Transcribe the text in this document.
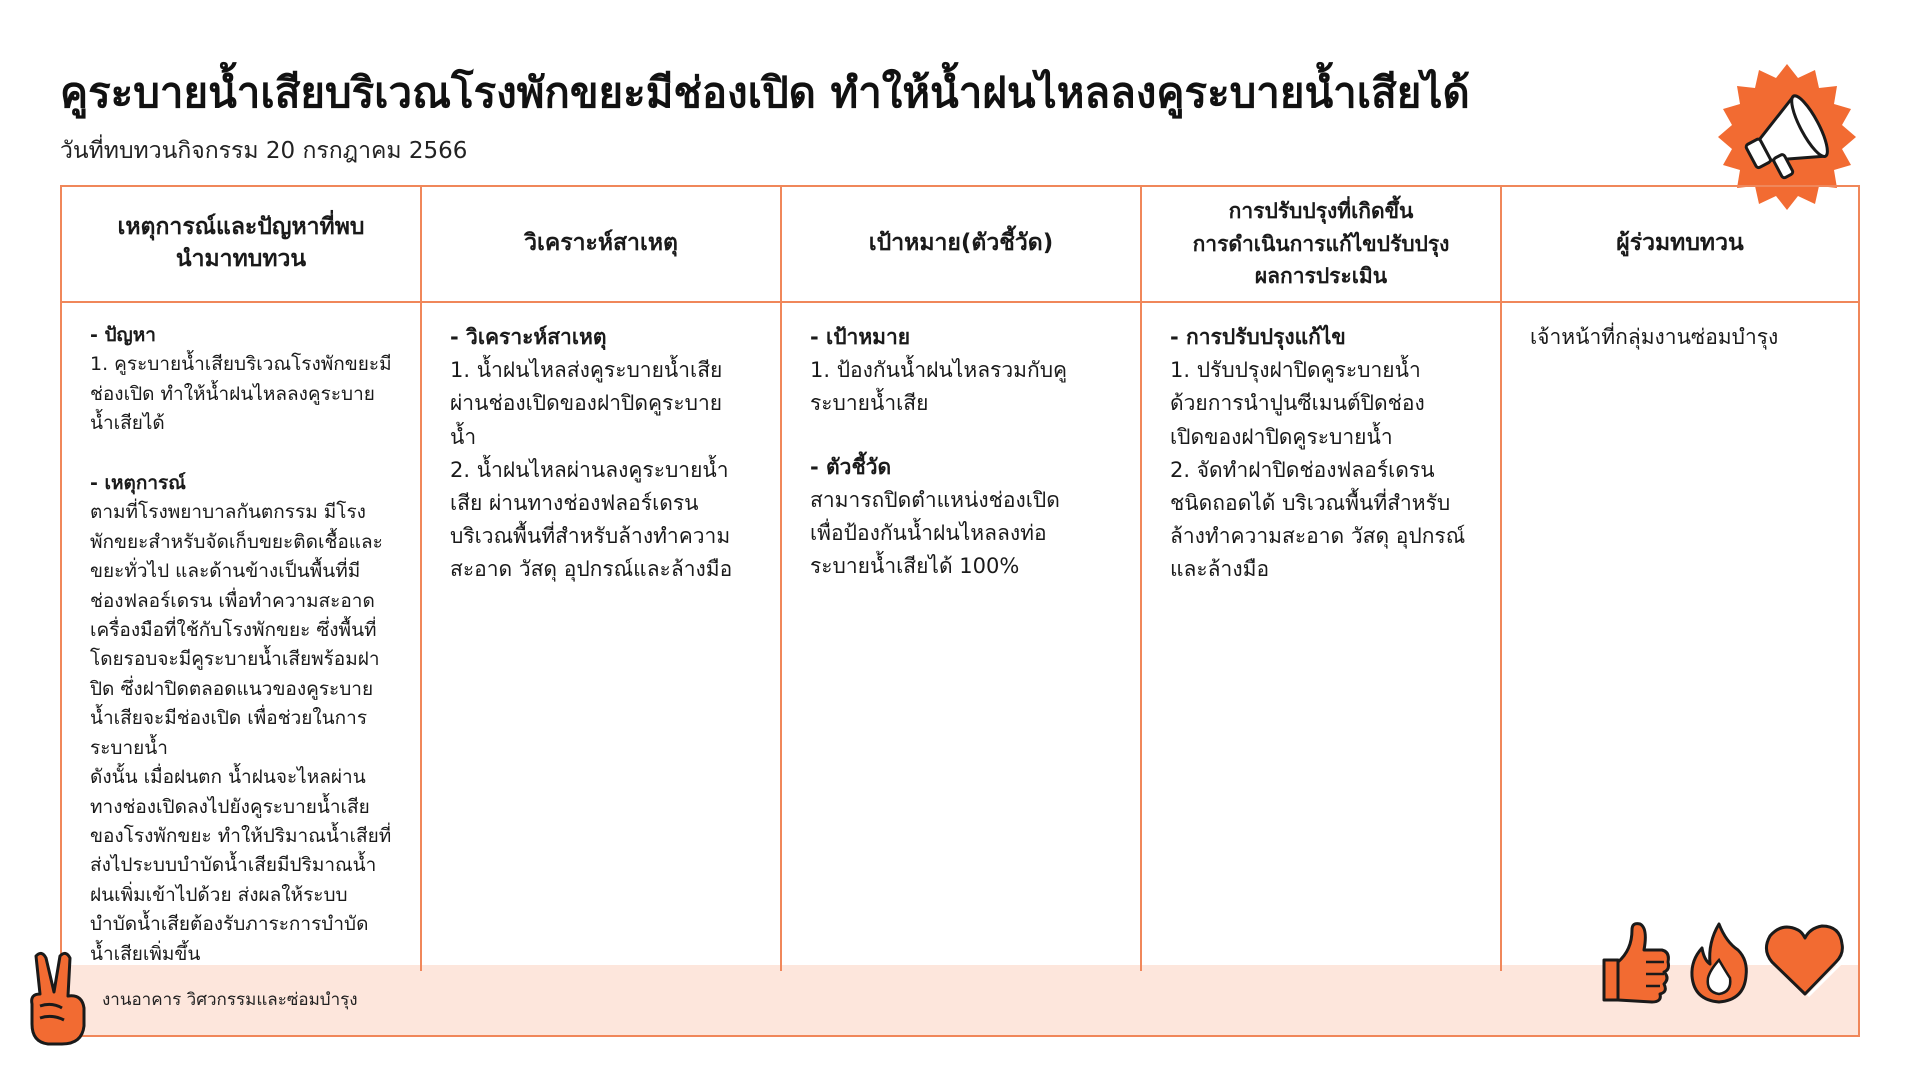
คูระบายน้ำเสียบริเวณโรงพักขยะมีช่องเปิด ทำให้น้ำฝนไหลลงคูระบายน้ำเสียได้

วันที่ทบทวนกิจกรรม 20 กรกฎาคม 2566

งานอาคาร วิศวกรรมและซ่อมบำรุง
เหตุการณ์และปัญหาที่พบ
นำมาทบทวน

- ปัญหา

1. คูระบายน้ำเสียบริเวณโรงพักขยะมี
ช่องเปิด ทำให้น้ำฝนไหลลงคูระบาย
น้ำเสียได้

- เหตุการณ์

ตามที่โรงพยาบาลกันตกรรม มีโรง
พักขยะสำหรับจัดเก็บขยะติดเชื้อและ
ขยะทั่วไป และด้านข้างเป็นพื้นที่มี
ช่องฟลอร์เดรน เพื่อทำความสะอาด
เครื่องมือที่ใช้กับโรงพักขยะ ซึ่งพื้นที่
โดยรอบจะมีคูระบายน้ำเสียพร้อมฝา
ปิด ซึ่งฝาปิดตลอดแนวของคูระบาย
น้ำเสียจะมีช่องเปิด เพื่อช่วยในการ
ระบายน้ำ
ดังนั้น เมื่อฝนตก น้ำฝนจะไหลผ่าน
ทางช่องเปิดลงไปยังคูระบายน้ำเสีย
ของโรงพักขยะ ทำให้ปริมาณน้ำเสียที่
ส่งไประบบบำบัดน้ำเสียมีปริมาณน้ำ
ฝนเพิ่มเข้าไปด้วย ส่งผลให้ระบบ
บำบัดน้ำเสียต้องรับภาระการบำบัด
น้ำเสียเพิ่มขึ้น

วิเคราะห์สาเหตุ

- วิเคราะห์สาเหตุ

1. น้ำฝนไหลส่งคูระบายน้ำเสีย
ผ่านช่องเปิดของฝาปิดคูระบาย
น้ำ
2. น้ำฝนไหลผ่านลงคูระบายน้ำ
เสีย ผ่านทางช่องฟลอร์เดรน
บริเวณพื้นที่สำหรับล้างทำความ
สะอาด วัสดุ อุปกรณ์และล้างมือ

เป้าหมาย(ตัวชี้วัด)

- เป้าหมาย

1. ป้องกันน้ำฝนไหลรวมกับคู
ระบายน้ำเสีย

- ตัวชี้วัด

สามารถปิดตำแหน่งช่องเปิด
เพื่อป้องกันน้ำฝนไหลลงท่อ
ระบายน้ำเสียได้ 100%

การปรับปรุงที่เกิดขึ้น
การดำเนินการแก้ไขปรับปรุง
ผลการประเมิน

- การปรับปรุงแก้ไข

1. ปรับปรุงฝาปิดคูระบายน้ำ
ด้วยการนำปูนซีเมนต์ปิดช่อง
เปิดของฝาปิดคูระบายน้ำ
2. จัดทำฝาปิดช่องฟลอร์เดรน
ชนิดถอดได้ บริเวณพื้นที่สำหรับ
ล้างทำความสะอาด วัสดุ อุปกรณ์
และล้างมือ

ผู้ร่วมทบทวน

เจ้าหน้าที่กลุ่มงานซ่อมบำรุง
